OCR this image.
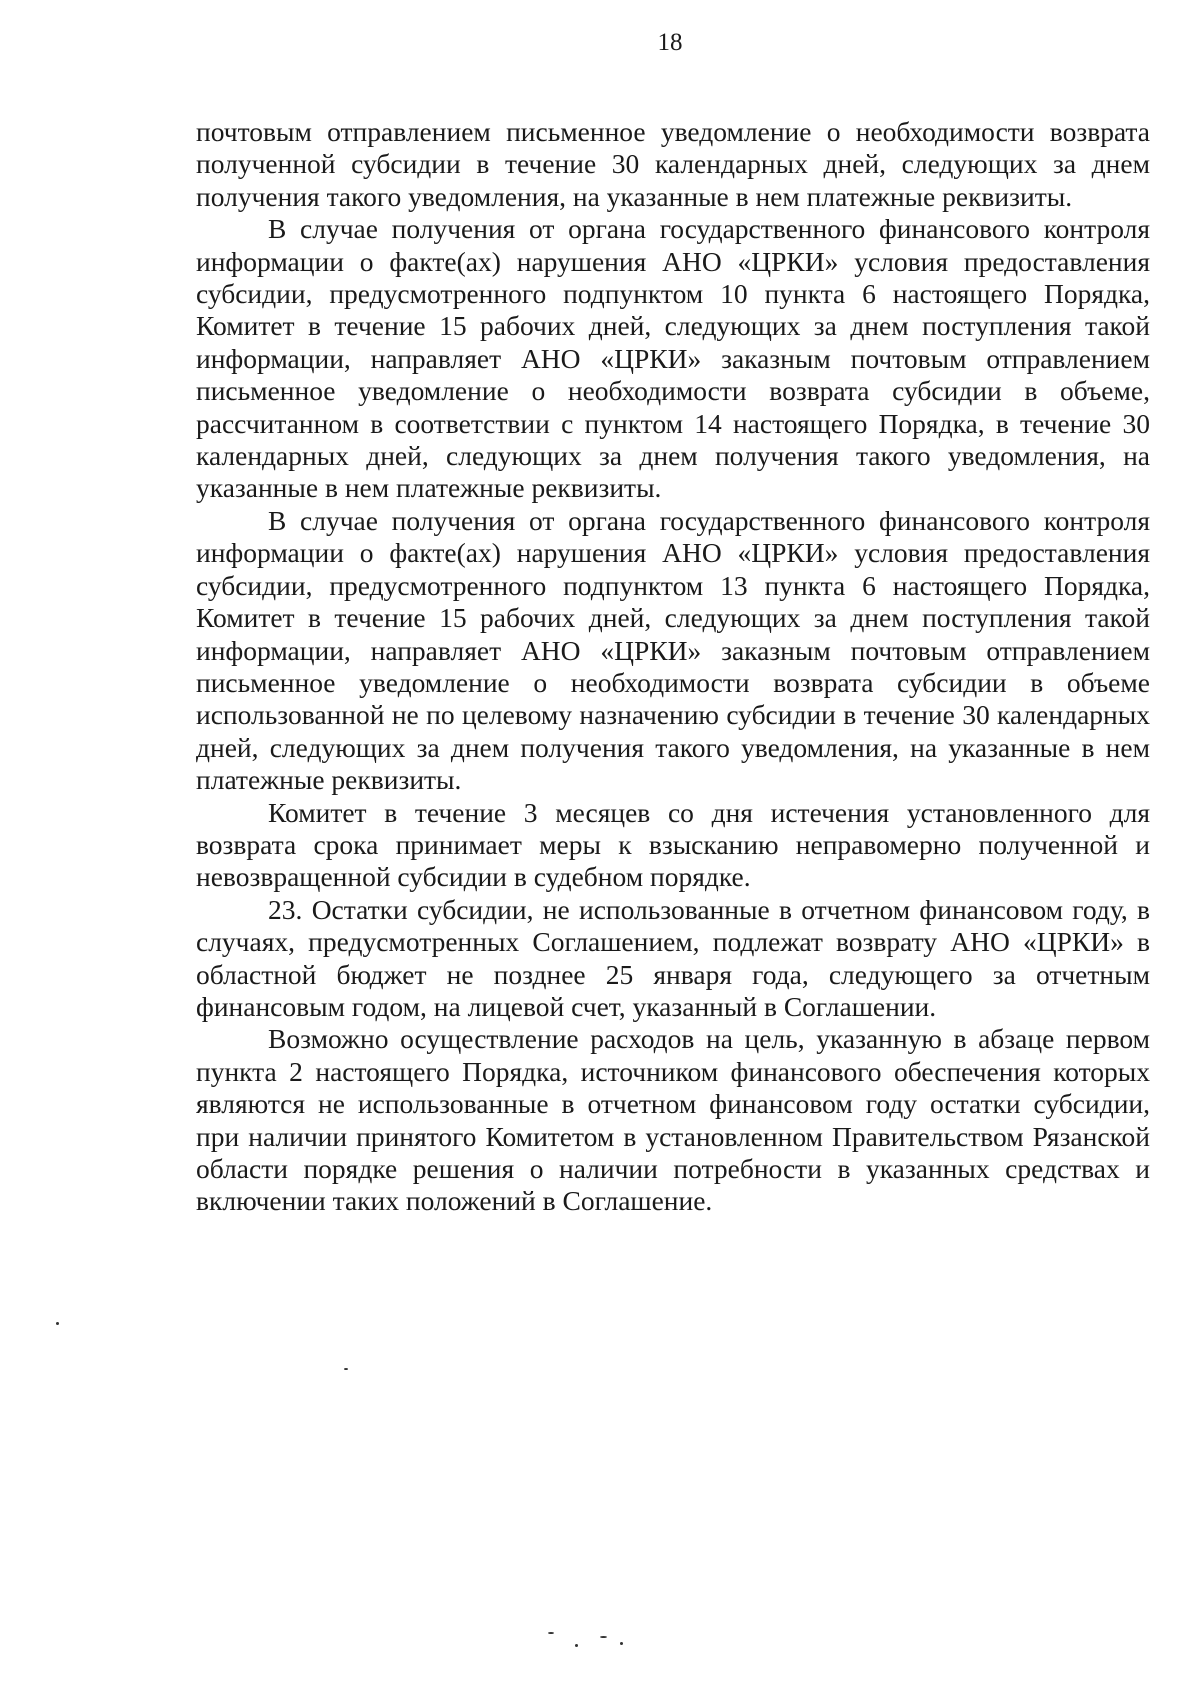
18

почтовым отправлением письменное уведомление о необходимости возврата полученной субсидии в течение 30 календарных дней, следующих за днем получения такого уведомления, на указанные в нем платежные реквизиты.

В случае получения от органа государственного финансового контроля информации о факте(ах) нарушения АНО «ЦРКИ» условия предоставления субсидии, предусмотренного подпунктом 10 пункта 6 настоящего Порядка, Комитет в течение 15 рабочих дней, следующих за днем поступления такой информации, направляет АНО «ЦРКИ» заказным почтовым отправлением письменное уведомление о необходимости возврата субсидии в объеме, рассчитанном в соответствии с пунктом 14 настоящего Порядка, в течение 30 календарных дней, следующих за днем получения такого уведомления, на указанные в нем платежные реквизиты.

В случае получения от органа государственного финансового контроля информации о факте(ах) нарушения АНО «ЦРКИ» условия предоставления субсидии, предусмотренного подпунктом 13 пункта 6 настоящего Порядка, Комитет в течение 15 рабочих дней, следующих за днем поступления такой информации, направляет АНО «ЦРКИ» заказным почтовым отправлением письменное уведомление о необходимости возврата субсидии в объеме использованной не по целевому назначению субсидии в течение 30 календарных дней, следующих за днем получения такого уведомления, на указанные в нем платежные реквизиты.

Комитет в течение 3 месяцев со дня истечения установленного для возврата срока принимает меры к взысканию неправомерно полученной и невозвращенной субсидии в судебном порядке.

23. Остатки субсидии, не использованные в отчетном финансовом году, в случаях, предусмотренных Соглашением, подлежат возврату АНО «ЦРКИ» в областной бюджет не позднее 25 января года, следующего за отчетным финансовым годом, на лицевой счет, указанный в Соглашении.

Возможно осуществление расходов на цель, указанную в абзаце первом пункта 2 настоящего Порядка, источником финансового обеспечения которых являются не использованные в отчетном финансовом году остатки субсидии, при наличии принятого Комитетом в установленном Правительством Рязанской области порядке решения о наличии потребности в указанных средствах и включении таких положений в Соглашение.
